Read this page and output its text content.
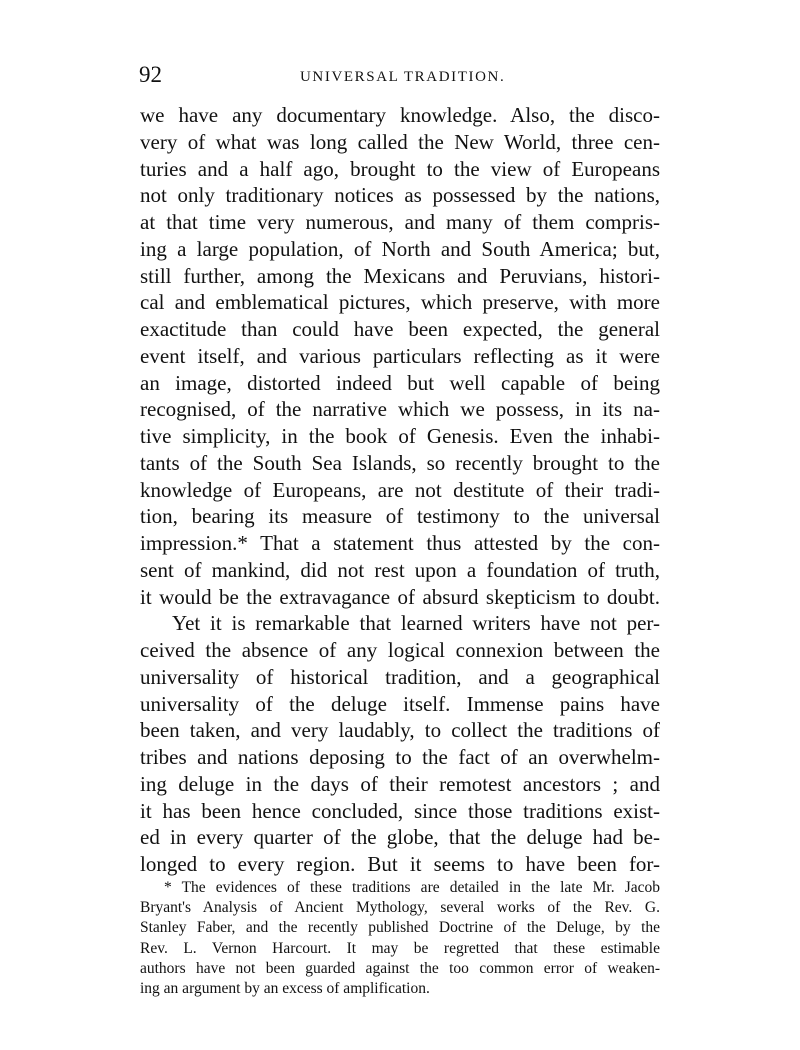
92	UNIVERSAL TRADITION.
we have any documentary knowledge. Also, the disco-
very of what was long called the New World, three cen-
turies and a half ago, brought to the view of Europeans
not only traditionary notices as possessed by the nations,
at that time very numerous, and many of them compris-
ing a large population, of North and South America; but,
still further, among the Mexicans and Peruvians, histori-
cal and emblematical pictures, which preserve, with more
exactitude than could have been expected, the general
event itself, and various particulars reflecting as it were
an image, distorted indeed but well capable of being
recognised, of the narrative which we possess, in its na-
tive simplicity, in the book of Genesis. Even the inhabi-
tants of the South Sea Islands, so recently brought to the
knowledge of Europeans, are not destitute of their tradi-
tion, bearing its measure of testimony to the universal
impression.* That a statement thus attested by the con-
sent of mankind, did not rest upon a foundation of truth,
it would be the extravagance of absurd skepticism to doubt.
Yet it is remarkable that learned writers have not per-
ceived the absence of any logical connexion between the
universality of historical tradition, and a geographical
universality of the deluge itself. Immense pains have
been taken, and very laudably, to collect the traditions of
tribes and nations deposing to the fact of an overwhelm-
ing deluge in the days of their remotest ancestors ; and
it has been hence concluded, since those traditions exist-
ed in every quarter of the globe, that the deluge had be-
longed to every region. But it seems to have been for-
* The evidences of these traditions are detailed in the late Mr. Jacob
Bryant's Analysis of Ancient Mythology, several works of the Rev. G.
Stanley Faber, and the recently published Doctrine of the Deluge, by the
Rev. L. Vernon Harcourt. It may be regretted that these estimable
authors have not been guarded against the too common error of weaken-
ing an argument by an excess of amplification.
